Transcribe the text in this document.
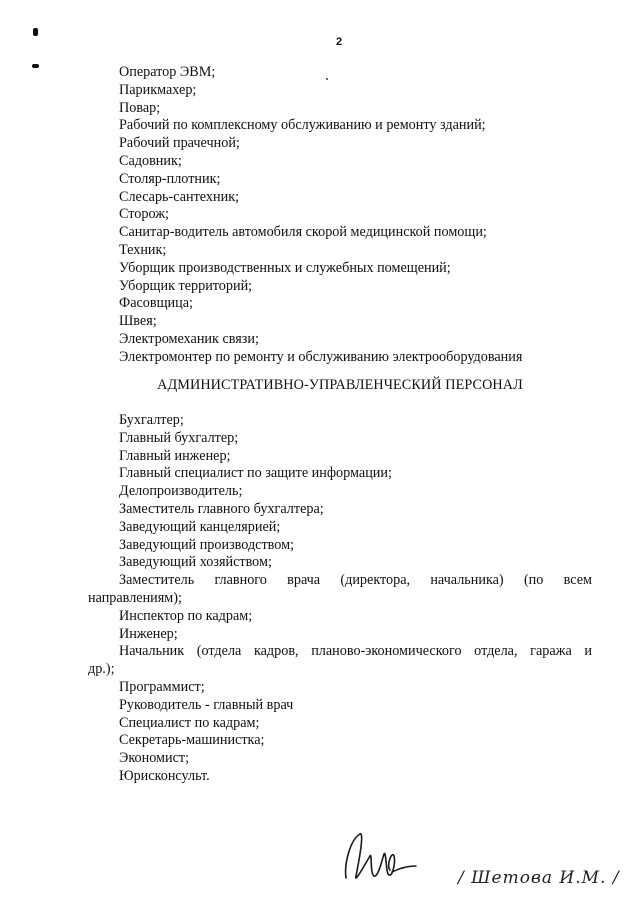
2
Оператор ЭВМ;
Парикмахер;
Повар;
Рабочий по комплексному обслуживанию и ремонту зданий;
Рабочий прачечной;
Садовник;
Столяр-плотник;
Слесарь-сантехник;
Сторож;
Санитар-водитель автомобиля скорой медицинской помощи;
Техник;
Уборщик производственных и служебных помещений;
Уборщик территорий;
Фасовщица;
Швея;
Электромеханик связи;
Электромонтер по ремонту и обслуживанию электрооборудования
АДМИНИСТРАТИВНО-УПРАВЛЕНЧЕСКИЙ ПЕРСОНАЛ
Бухгалтер;
Главный бухгалтер;
Главный инженер;
Главный специалист по защите информации;
Делопроизводитель;
Заместитель главного бухгалтера;
Заведующий канцелярией;
Заведующий производством;
Заведующий хозяйством;
Заместитель главного врача (директора, начальника) (по всем
направлениям);
Инспектор по кадрам;
Инженер;
Начальник (отдела кадров, планово-экономического отдела, гаража и
др.);
Программист;
Руководитель - главный врач
Специалист по кадрам;
Секретарь-машинистка;
Экономист;
Юрисконсульт.
/ Шетова И.М. /
